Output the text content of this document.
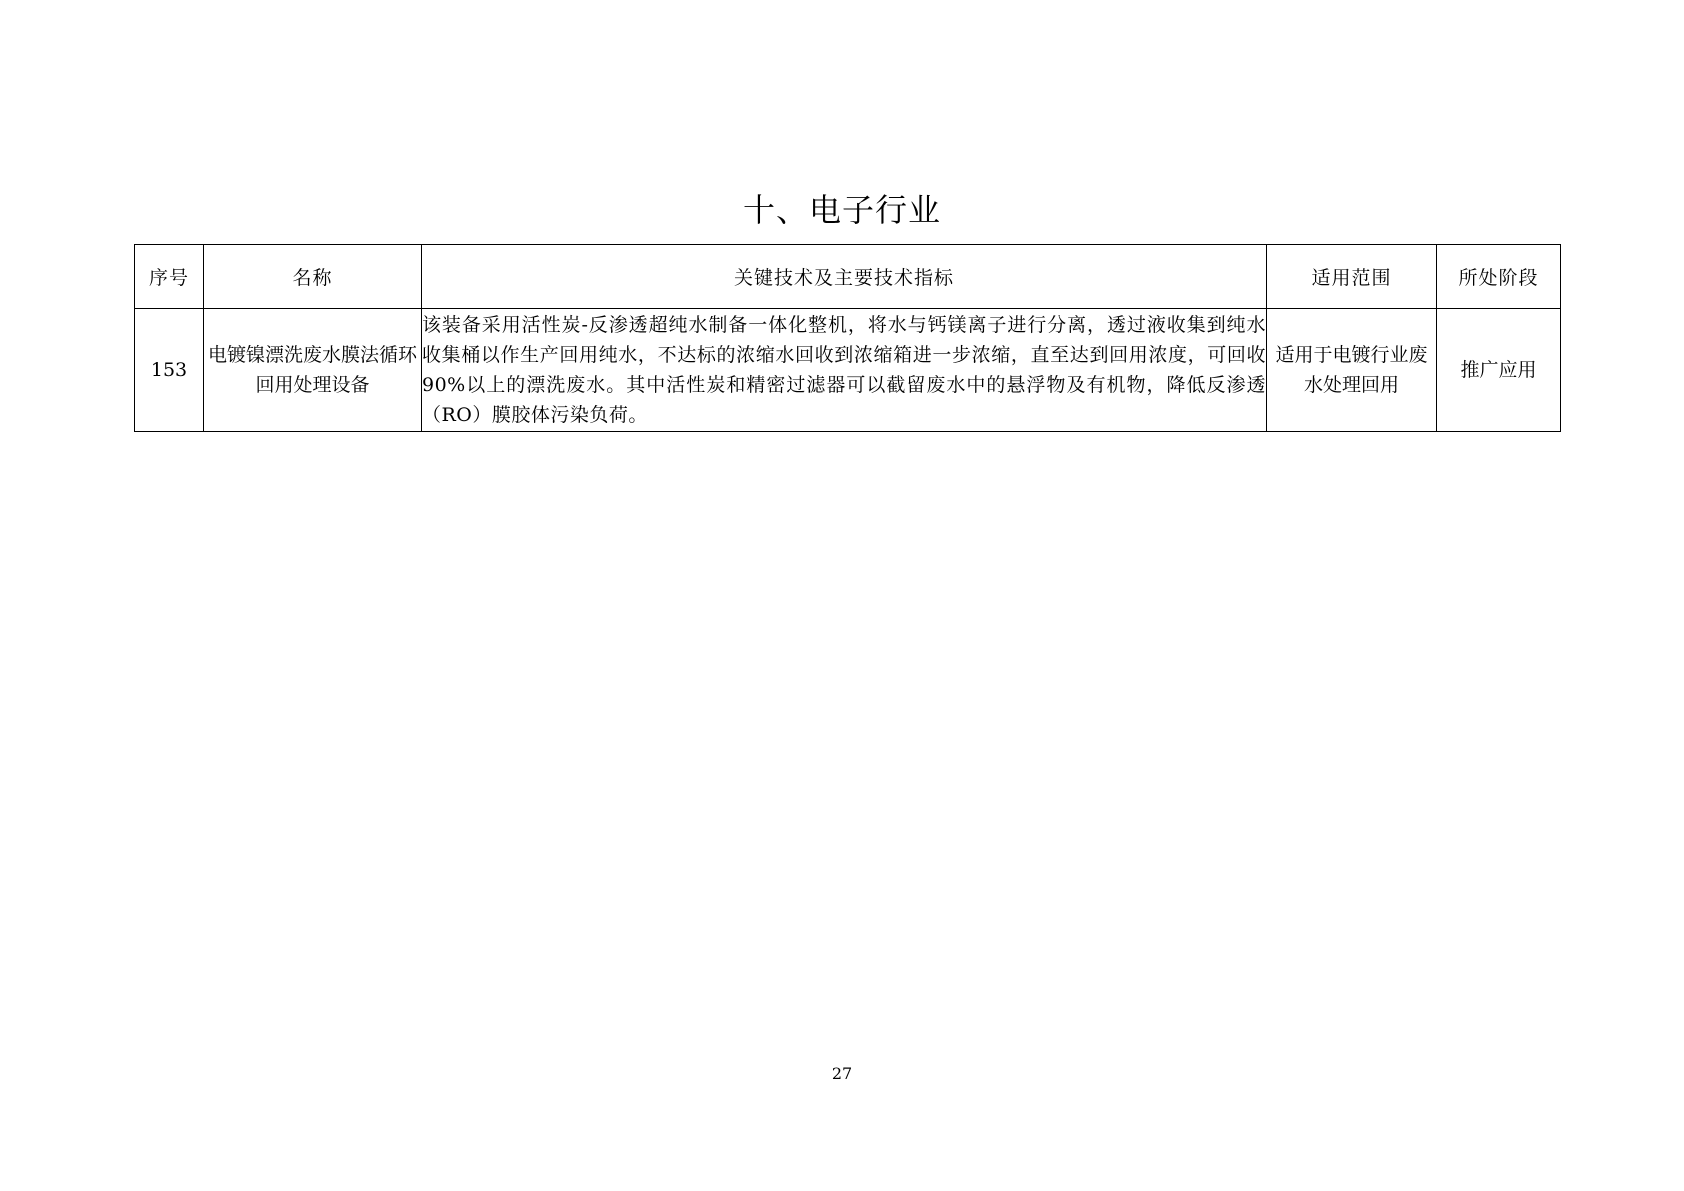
十、电子行业
序号	名称	关键技术及主要技术指标	适用范围	所处阶段
153	电镀镍漂洗废水膜法循环回用处理设备	该装备采用活性炭-反渗透超纯水制备一体化整机，将水与钙镁离子进行分离，透过液收集到纯水收集桶以作生产回用纯水，不达标的浓缩水回收到浓缩箱进一步浓缩，直至达到回用浓度，可回收90%以上的漂洗废水。其中活性炭和精密过滤器可以截留废水中的悬浮物及有机物，降低反渗透（RO）膜胶体污染负荷。	适用于电镀行业废水处理回用	推广应用
27
